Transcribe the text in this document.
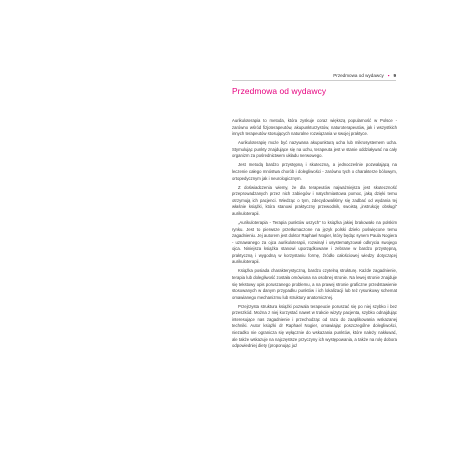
Przedmowa od wydawcy ▪ 9
Przedmowa od wydawcy

Aurikuloterapia to metoda, która zyskuje coraz większą popularność w Polsce - zarówno wśród fizjoterapeutów, akupunkturzystów, naturoterapeutów, jak i wszystkich innych terapeutów stosujących naturalne rozwiązania w swojej praktyce.

Aurikuloterapię może być nazywana akupunkturą ucha lub mikrosystemem ucha. Stymulując punkty znajdujące się na uchu, terapeuta jest w stanie oddziaływać na cały organizm za pośrednictwem układu nerwowego.

Jest metodą bardzo przystępną i skuteczną, a jednocześnie pozwalającą na leczenie całego mnóstwa chorób i dolegliwości - zarówno tych o charakterze bólowym, ortopedycznym jak i neurologicznym.

Z doświadczenia wiemy, że dla terapeutów najważniejsza jest skuteczność przeprowadzanych przez nich zabiegów i natychmiastowa pomoc, jaką dzięki temu otrzymują ich pacjenci. Wiedząc o tym, zdecydowaliśmy się zadbać od wydania tej właśnie książki, która stanowi praktyczny przewodnik, swoistą „instrukcję obsługi” aurikuloterapii.

„Aurikuloterapia - Terapia punktów uszych” to książka jakiej brakowało na polskim rynku. Jest to pierwsze przetłumaczone na język polski dzieło poświęcone temu zagadnieniu. Jej autorem jest doktor Raphael Nogier, który będąc synem Paula Nogiera - uznawanego za ojca aurikuloterapii, rozwinął i usystematyzował odkrycia swojego ojca. Niniejsza książka stanowi uporządkowane i zebrane w bardzo przystępną, praktyczną i wygodną w korzystaniu formę, źródło całościowej wiedzy dotyczącej aurikuloterapii.

Książka posiada charakterystyczną, bardzo czytelną strukturę. Każde zagadnienie, terapia lub dolegliwość została omówiona na osobnej stronie. Na lewej stronie znajduje się tekstowy opis poruszanego problemu, a na prawej stronie graficzne przedstawienie stosowanych w danym przypadku punktów i ich lokalizacji lub też rysunkowy schemat omawianego mechanizmu lub struktury anatomicznej.

Przejrzysta struktura książki pozwala terapeucie poruszać się po niej szybko i bez przeszkód. Można z niej korzystać nawet w trakcie wizyty pacjenta, szybko odnajdując interesujące nas zagadnienie i przechodząc od razu do zaaplikowania wskazanej techniki. Autor książki dr Raphael Nogier, omawiając poszczególne dolegliwości, niezadko nie ogranicza się wyłącznie do wskazania punktów, które należy nakłuwać, ale także wskazuje na najczęstsze przyczyny ich występowania, a także na rolę dobora odpowiedniej diety (proponując już
